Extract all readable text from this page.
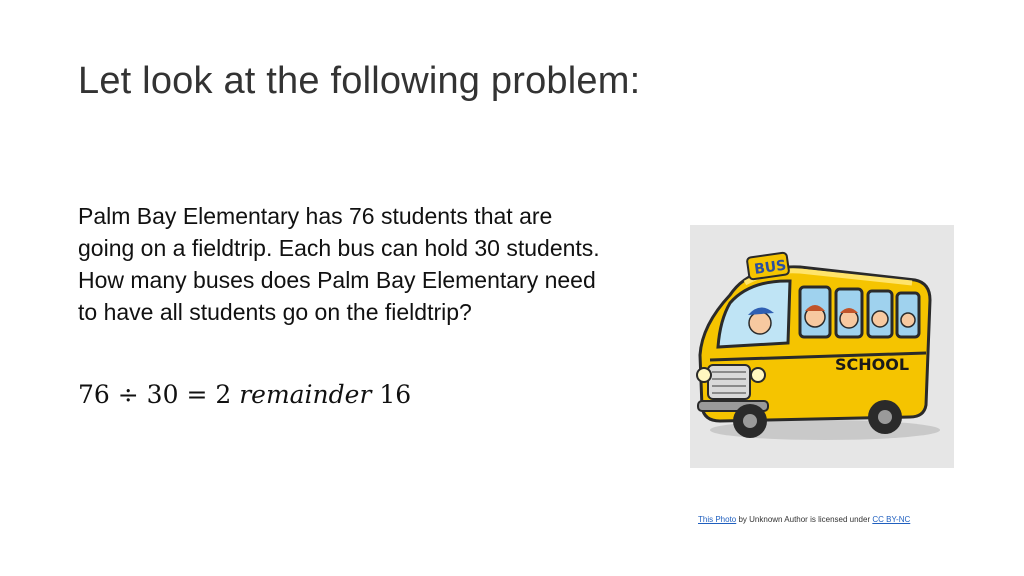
Let look at the following problem:

Palm Bay Elementary has 76 students that are

going on a fieldtrip. Each bus can hold 30 students.

How many buses does Palm Bay Elementary need

to have all students go on the fieldtrip?

76 ÷ 30 = 2 remainder 16
BUS
SCHOOL
This Photo by Unknown Author is licensed under CC BY-NC
